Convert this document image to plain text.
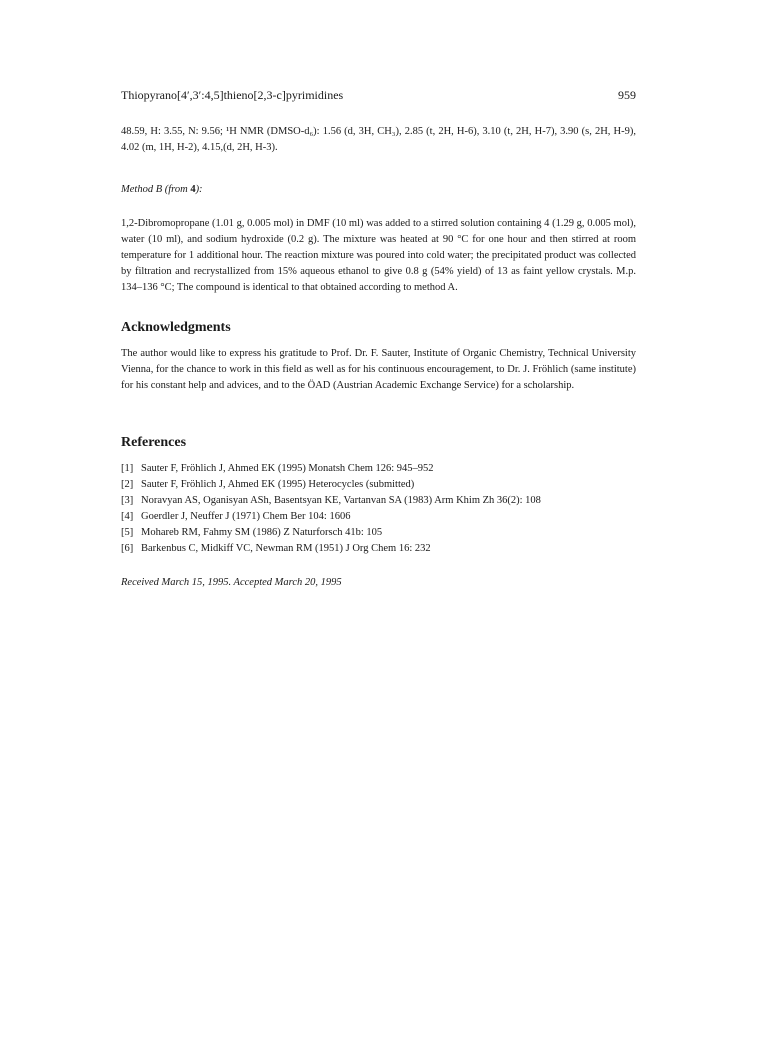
Thiopyrano[4′,3′:4,5]thieno[2,3-c]pyrimidines	959

48.59, H: 3.55, N: 9.56; ¹H NMR (DMSO-d₆): 1.56 (d, 3H, CH₃), 2.85 (t, 2H, H-6), 3.10 (t, 2H, H-7), 3.90 (s, 2H, H-9), 4.02 (m, 1H, H-2), 4.15,(d, 2H, H-3).

Method B (from 4):

1,2-Dibromopropane (1.01 g, 0.005 mol) in DMF (10 ml) was added to a stirred solution containing 4 (1.29 g, 0.005 mol), water (10 ml), and sodium hydroxide (0.2 g). The mixture was heated at 90 °C for one hour and then stirred at room temperature for 1 additional hour. The reaction mixture was poured into cold water; the precipitated product was collected by filtration and recrystallized from 15% aqueous ethanol to give 0.8 g (54% yield) of 13 as faint yellow crystals. M.p. 134–136 °C; The compound is identical to that obtained according to method A.

Acknowledgments

The author would like to express his gratitude to Prof. Dr. F. Sauter, Institute of Organic Chemistry, Technical University Vienna, for the chance to work in this field as well as for his continuous encouragement, to Dr. J. Fröhlich (same institute) for his constant help and advices, and to the ÖAD (Austrian Academic Exchange Service) for a scholarship.

References
[1] Sauter F, Fröhlich J, Ahmed EK (1995) Monatsh Chem 126: 945–952
[2] Sauter F, Fröhlich J, Ahmed EK (1995) Heterocycles (submitted)
[3] Noravyan AS, Oganisyan ASh, Basentsyan KE, Vartanvan SA (1983) Arm Khim Zh 36(2): 108
[4] Goerdler J, Neuffer J (1971) Chem Ber 104: 1606
[5] Mohareb RM, Fahmy SM (1986) Z Naturforsch 41b: 105
[6] Barkenbus C, Midkiff VC, Newman RM (1951) J Org Chem 16: 232
Received March 15, 1995. Accepted March 20, 1995
